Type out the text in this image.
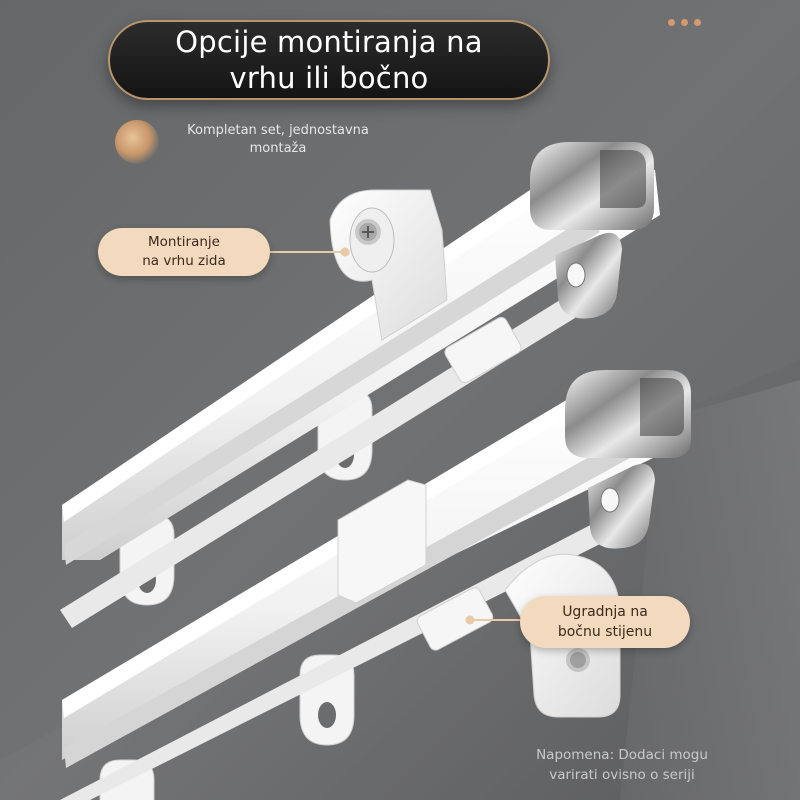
Opcije montiranja na
vrhu ili bočno
Kompletan set, jednostavna
montaža
Montiranje
na vrhu zida
Ugradnja na
bočnu stijenu
Napomena: Dodaci mogu
varirati ovisno o seriji
